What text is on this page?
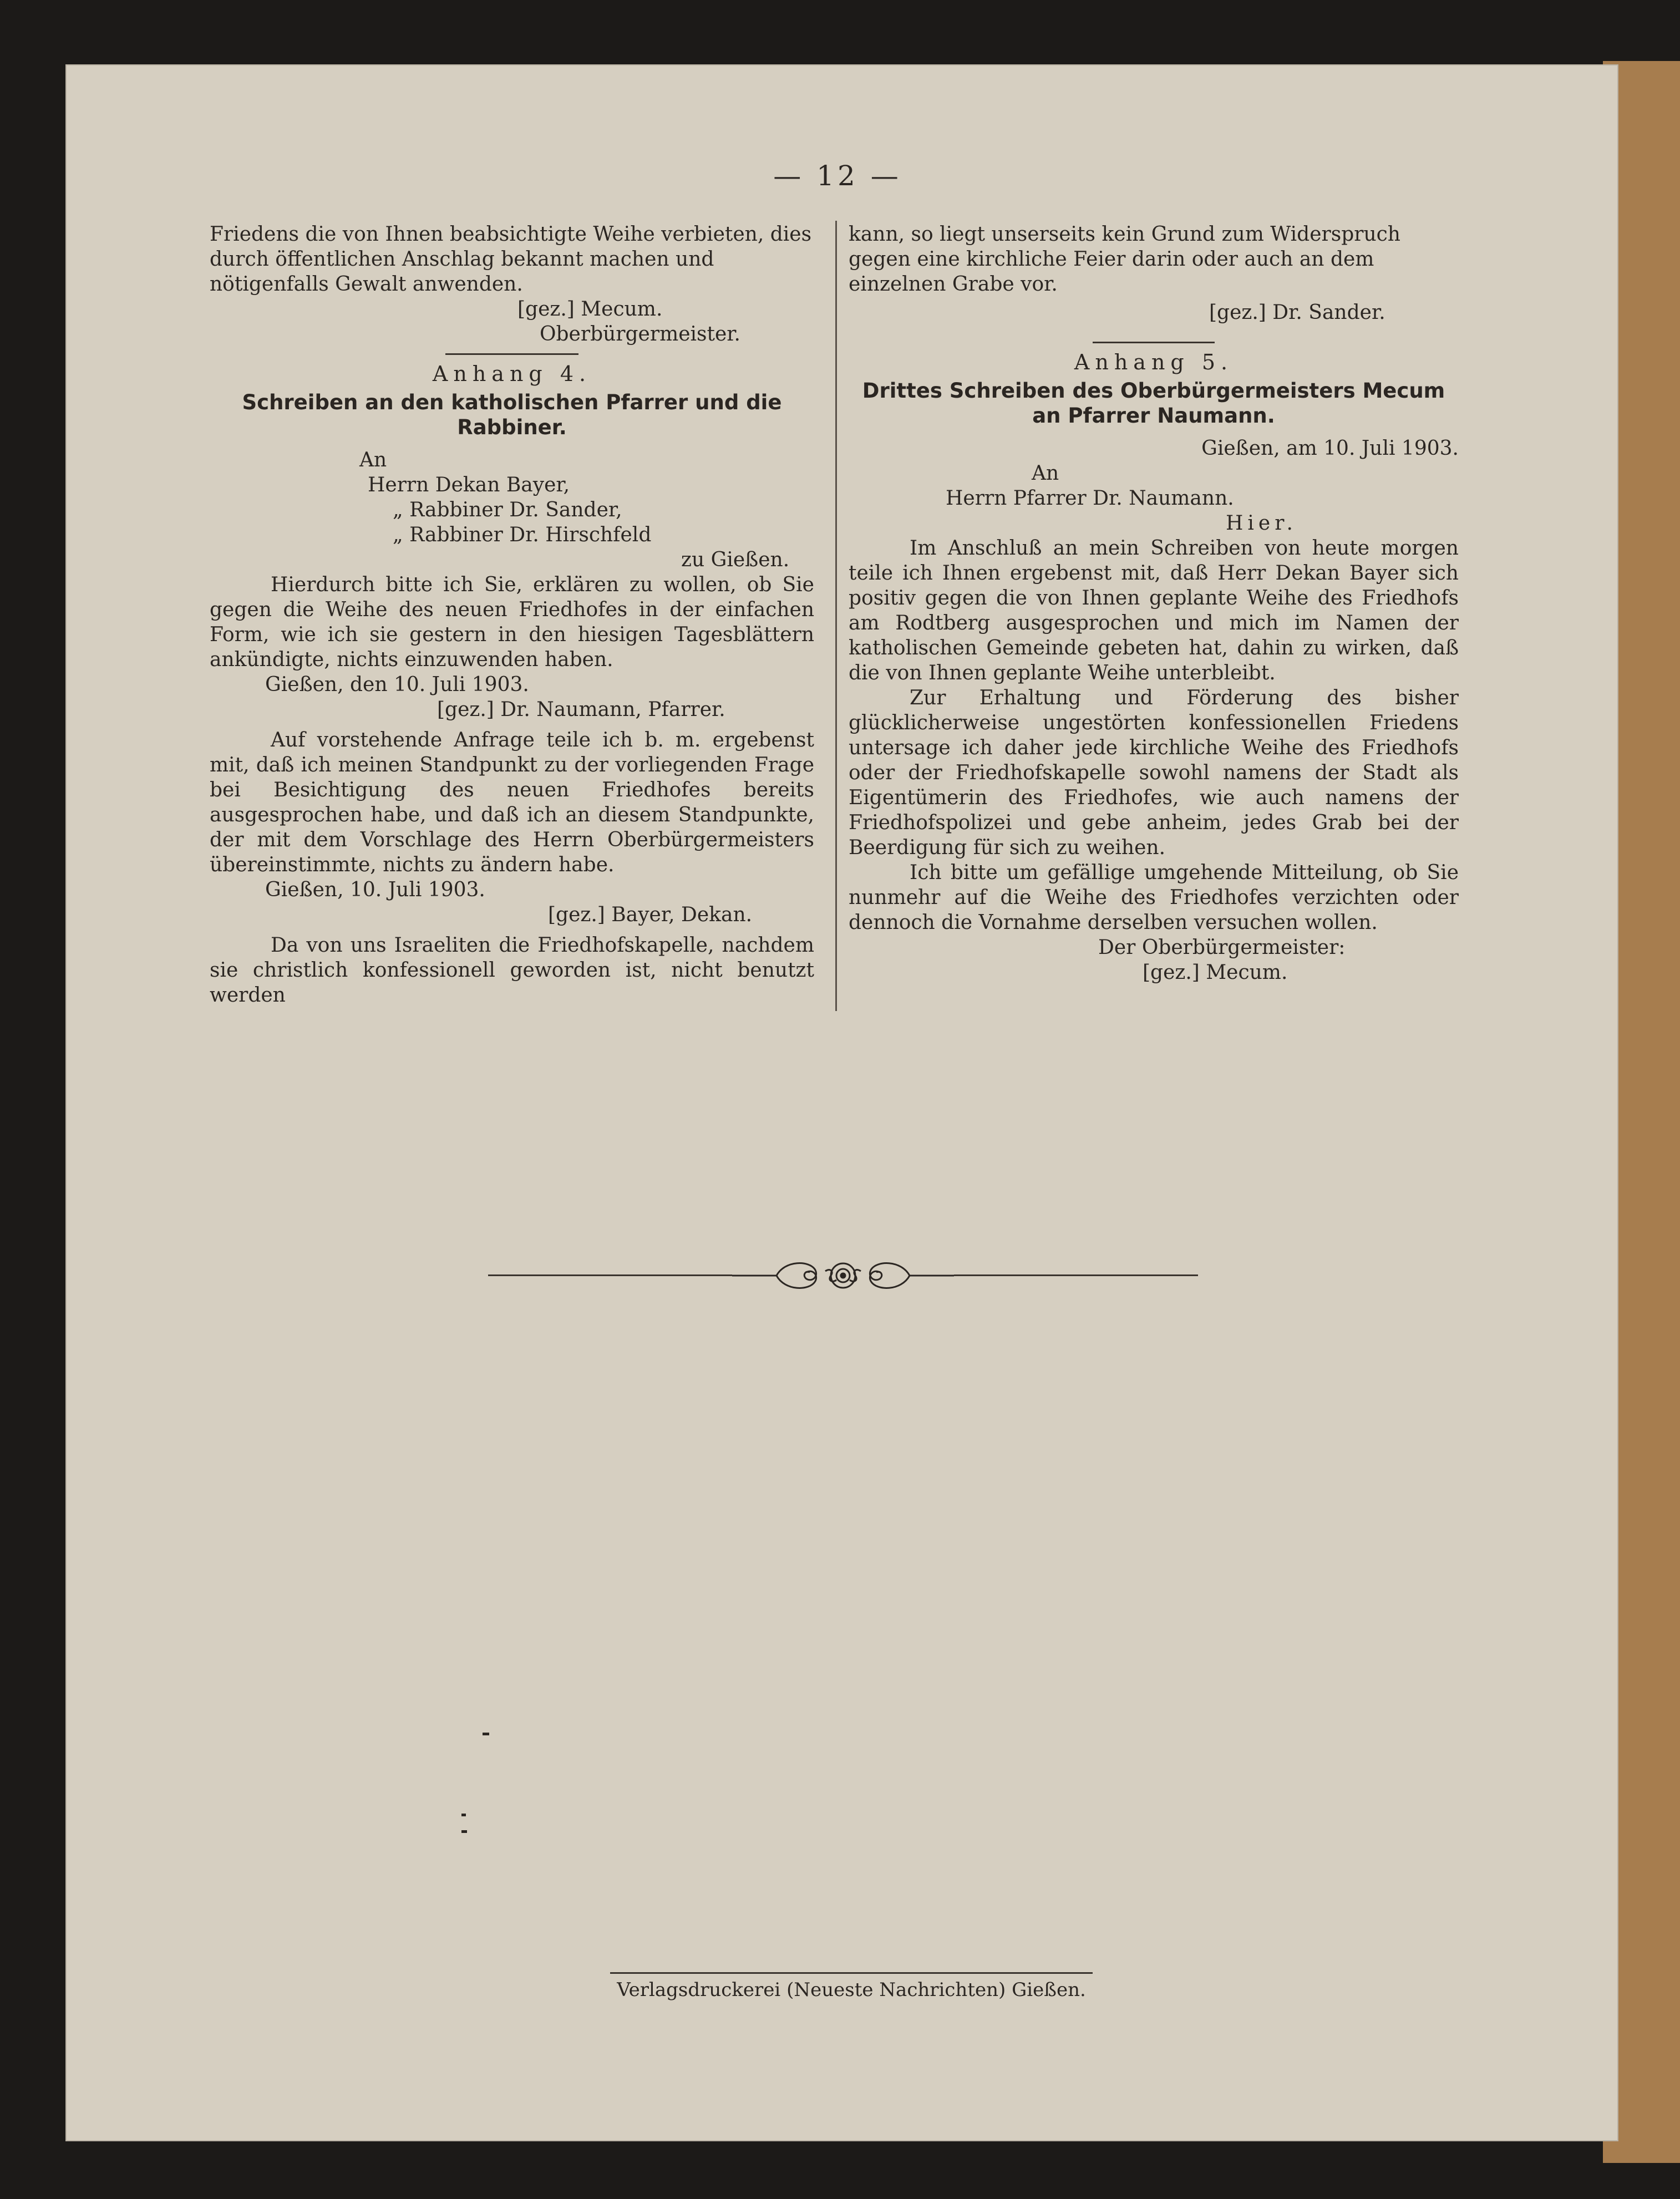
— 12 —

Friedens die von Ihnen beabsichtigte Weihe verbieten, dies durch öffentlichen Anschlag bekannt machen und nötigenfalls Gewalt anwenden.

[gez.] Mecum.

Oberbürgermeister.

Anhang 4.

Schreiben an den katholischen Pfarrer und die Rabbiner.

An

Herrn Dekan Bayer,

„ Rabbiner Dr. Sander,

„ Rabbiner Dr. Hirschfeld

zu Gießen.

Hierdurch bitte ich Sie, erklären zu wollen, ob Sie gegen die Weihe des neuen Friedhofes in der einfachen Form, wie ich sie gestern in den hiesigen Tagesblättern ankündigte, nichts einzuwenden haben.

Gießen, den 10. Juli 1903.

[gez.] Dr. Naumann, Pfarrer.

Auf vorstehende Anfrage teile ich b. m. ergebenst mit, daß ich meinen Standpunkt zu der vorliegenden Frage bei Besichtigung des neuen Friedhofes bereits ausgesprochen habe, und daß ich an diesem Standpunkte, der mit dem Vorschlage des Herrn Oberbürgermeisters übereinstimmte, nichts zu ändern habe.

Gießen, 10. Juli 1903.

[gez.] Bayer, Dekan.

Da von uns Israeliten die Friedhofskapelle, nachdem sie christlich konfessionell geworden ist, nicht benutzt werden

kann, so liegt unserseits kein Grund zum Widerspruch gegen eine kirchliche Feier darin oder auch an dem einzelnen Grabe vor.

[gez.] Dr. Sander.

Anhang 5.

Drittes Schreiben des Oberbürgermeisters Mecum an Pfarrer Naumann.

Gießen, am 10. Juli 1903.

An

Herrn Pfarrer Dr. Naumann.

Hier.

Im Anschluß an mein Schreiben von heute morgen teile ich Ihnen ergebenst mit, daß Herr Dekan Bayer sich positiv gegen die von Ihnen geplante Weihe des Friedhofs am Rodtberg ausgesprochen und mich im Namen der katholischen Gemeinde gebeten hat, dahin zu wirken, daß die von Ihnen geplante Weihe unterbleibt.

Zur Erhaltung und Förderung des bisher glücklicherweise ungestörten konfessionellen Friedens untersage ich daher jede kirchliche Weihe des Friedhofs oder der Friedhofskapelle sowohl namens der Stadt als Eigentümerin des Friedhofes, wie auch namens der Friedhofspolizei und gebe anheim, jedes Grab bei der Beerdigung für sich zu weihen.

Ich bitte um gefällige umgehende Mitteilung, ob Sie nunmehr auf die Weihe des Friedhofes verzichten oder dennoch die Vornahme derselben versuchen wollen.

Der Oberbürgermeister:

[gez.] Mecum.

Verlagsdruckerei (Neueste Nachrichten) Gießen.
